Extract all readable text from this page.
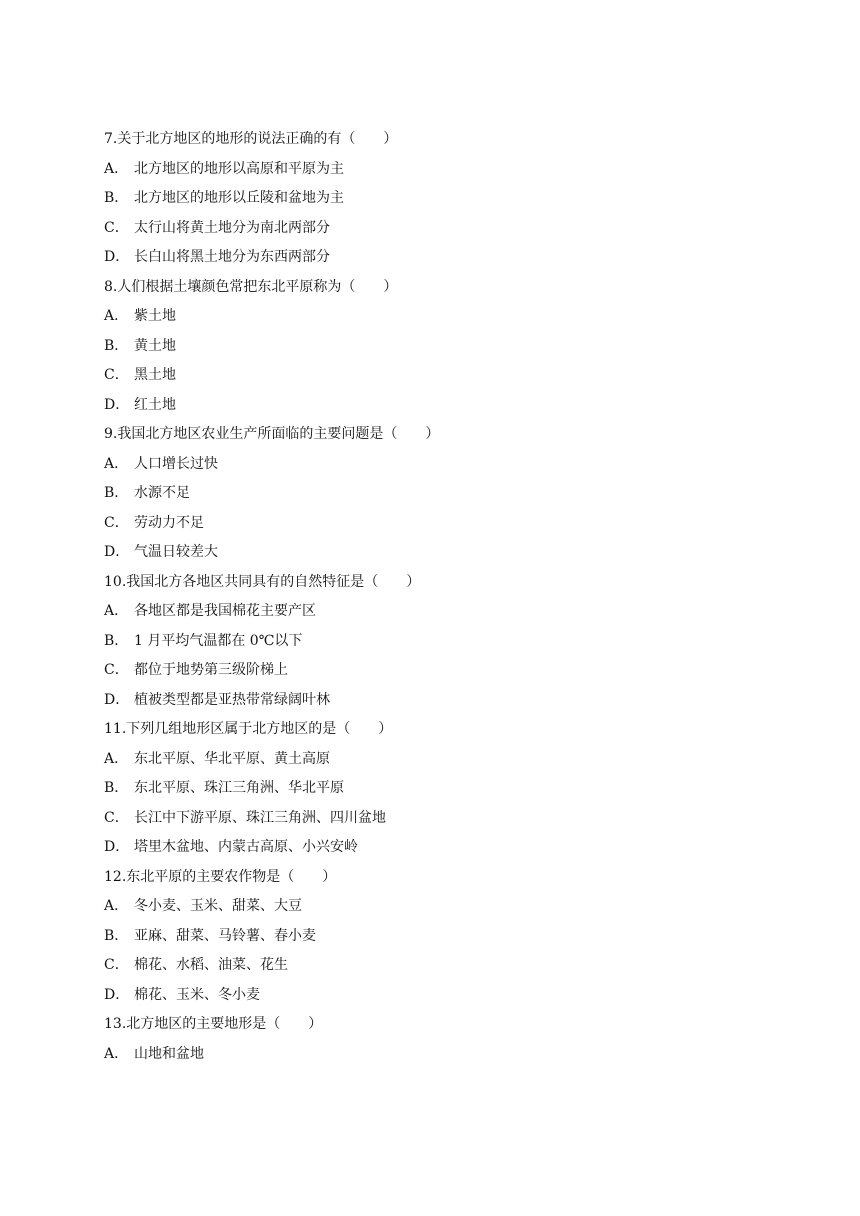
7.关于北方地区的地形的说法正确的有（　　）
A． 北方地区的地形以高原和平原为主
B． 北方地区的地形以丘陵和盆地为主
C． 太行山将黄土地分为南北两部分
D． 长白山将黑土地分为东西两部分
8.人们根据土壤颜色常把东北平原称为（　　）
A． 紫土地
B． 黄土地
C． 黑土地
D． 红土地
9.我国北方地区农业生产所面临的主要问题是（　　）
A． 人口增长过快
B． 水源不足
C． 劳动力不足
D． 气温日较差大
10.我国北方各地区共同具有的自然特征是（　　）
A． 各地区都是我国棉花主要产区
B． 1 月平均气温都在 0℃以下
C． 都位于地势第三级阶梯上
D． 植被类型都是亚热带常绿阔叶林
11.下列几组地形区属于北方地区的是（　　）
A． 东北平原、华北平原、黄土高原
B． 东北平原、珠江三角洲、华北平原
C． 长江中下游平原、珠江三角洲、四川盆地
D． 塔里木盆地、内蒙古高原、小兴安岭
12.东北平原的主要农作物是（　　）
A． 冬小麦、玉米、甜菜、大豆
B． 亚麻、甜菜、马铃薯、春小麦
C． 棉花、水稻、油菜、花生
D． 棉花、玉米、冬小麦
13.北方地区的主要地形是（　　）
A． 山地和盆地
